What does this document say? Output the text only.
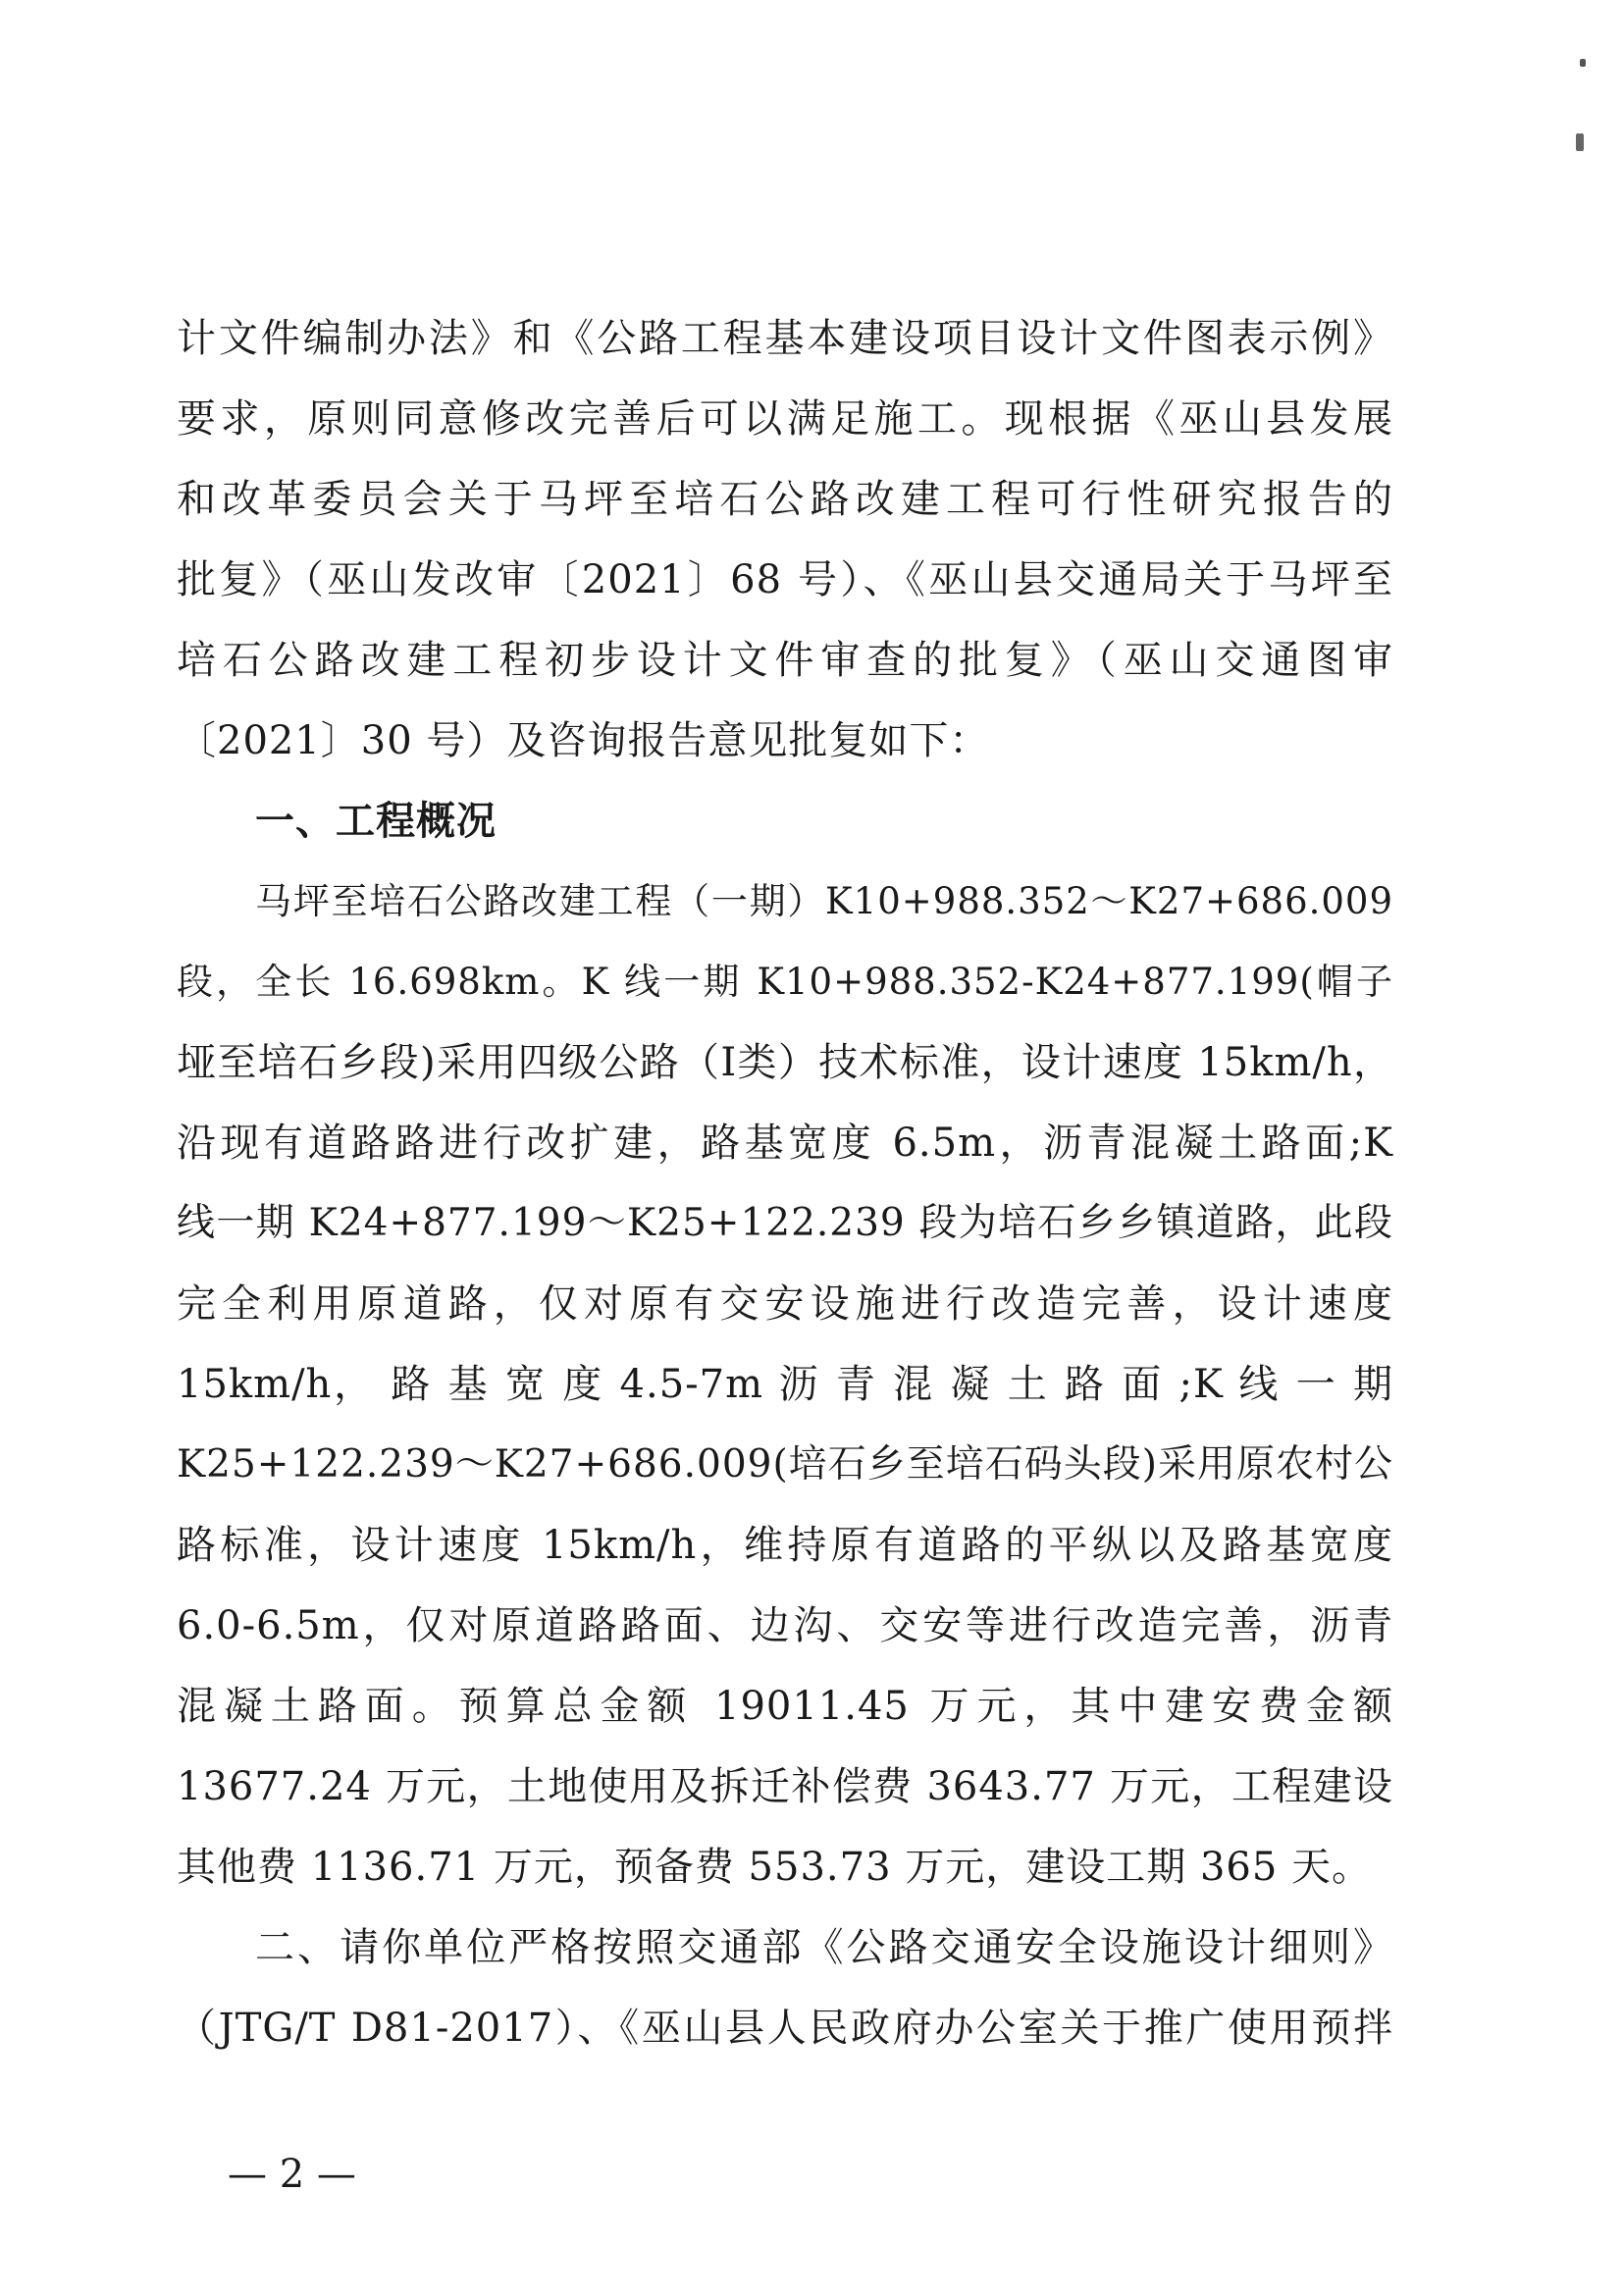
计文件编制办法》和《公路工程基本建设项目设计文件图表示例》
要求，原则同意修改完善后可以满足施工。现根据《巫山县发展
和改革委员会关于马坪至培石公路改建工程可行性研究报告的
批复》（巫山发改审〔2021〕68 号）、《巫山县交通局关于马坪至
培石公路改建工程初步设计文件审查的批复》（巫山交通图审
〔2021〕30 号）及咨询报告意见批复如下：
一、工程概况
马坪至培石公路改建工程（一期）K10+988.352～K27+686.009
段，全长 16.698km。K 线一期 K10+988.352-K24+877.199(帽子
垭至培石乡段)采用四级公路（Ⅰ类）技术标准，设计速度 15km/h，
沿现有道路路进行改扩建，路基宽度 6.5m，沥青混凝土路面;K
线一期 K24+877.199～K25+122.239 段为培石乡乡镇道路，此段
完全利用原道路，仅对原有交安设施进行改造完善，设计速度
15km/h， 路 基 宽 度 4.5-7m 沥 青 混 凝 土 路 面 ;K 线 一 期
K25+122.239～K27+686.009(培石乡至培石码头段)采用原农村公
路标准，设计速度 15km/h，维持原有道路的平纵以及路基宽度
6.0-6.5m，仅对原道路路面、边沟、交安等进行改造完善，沥青
混凝土路面。预算总金额 19011.45 万元，其中建安费金额
13677.24 万元，土地使用及拆迁补偿费 3643.77 万元，工程建设
其他费 1136.71 万元，预备费 553.73 万元，建设工期 365 天。
二、请你单位严格按照交通部《公路交通安全设施设计细则》
（JTG/T D81-2017）、《巫山县人民政府办公室关于推广使用预拌
— 2 —
